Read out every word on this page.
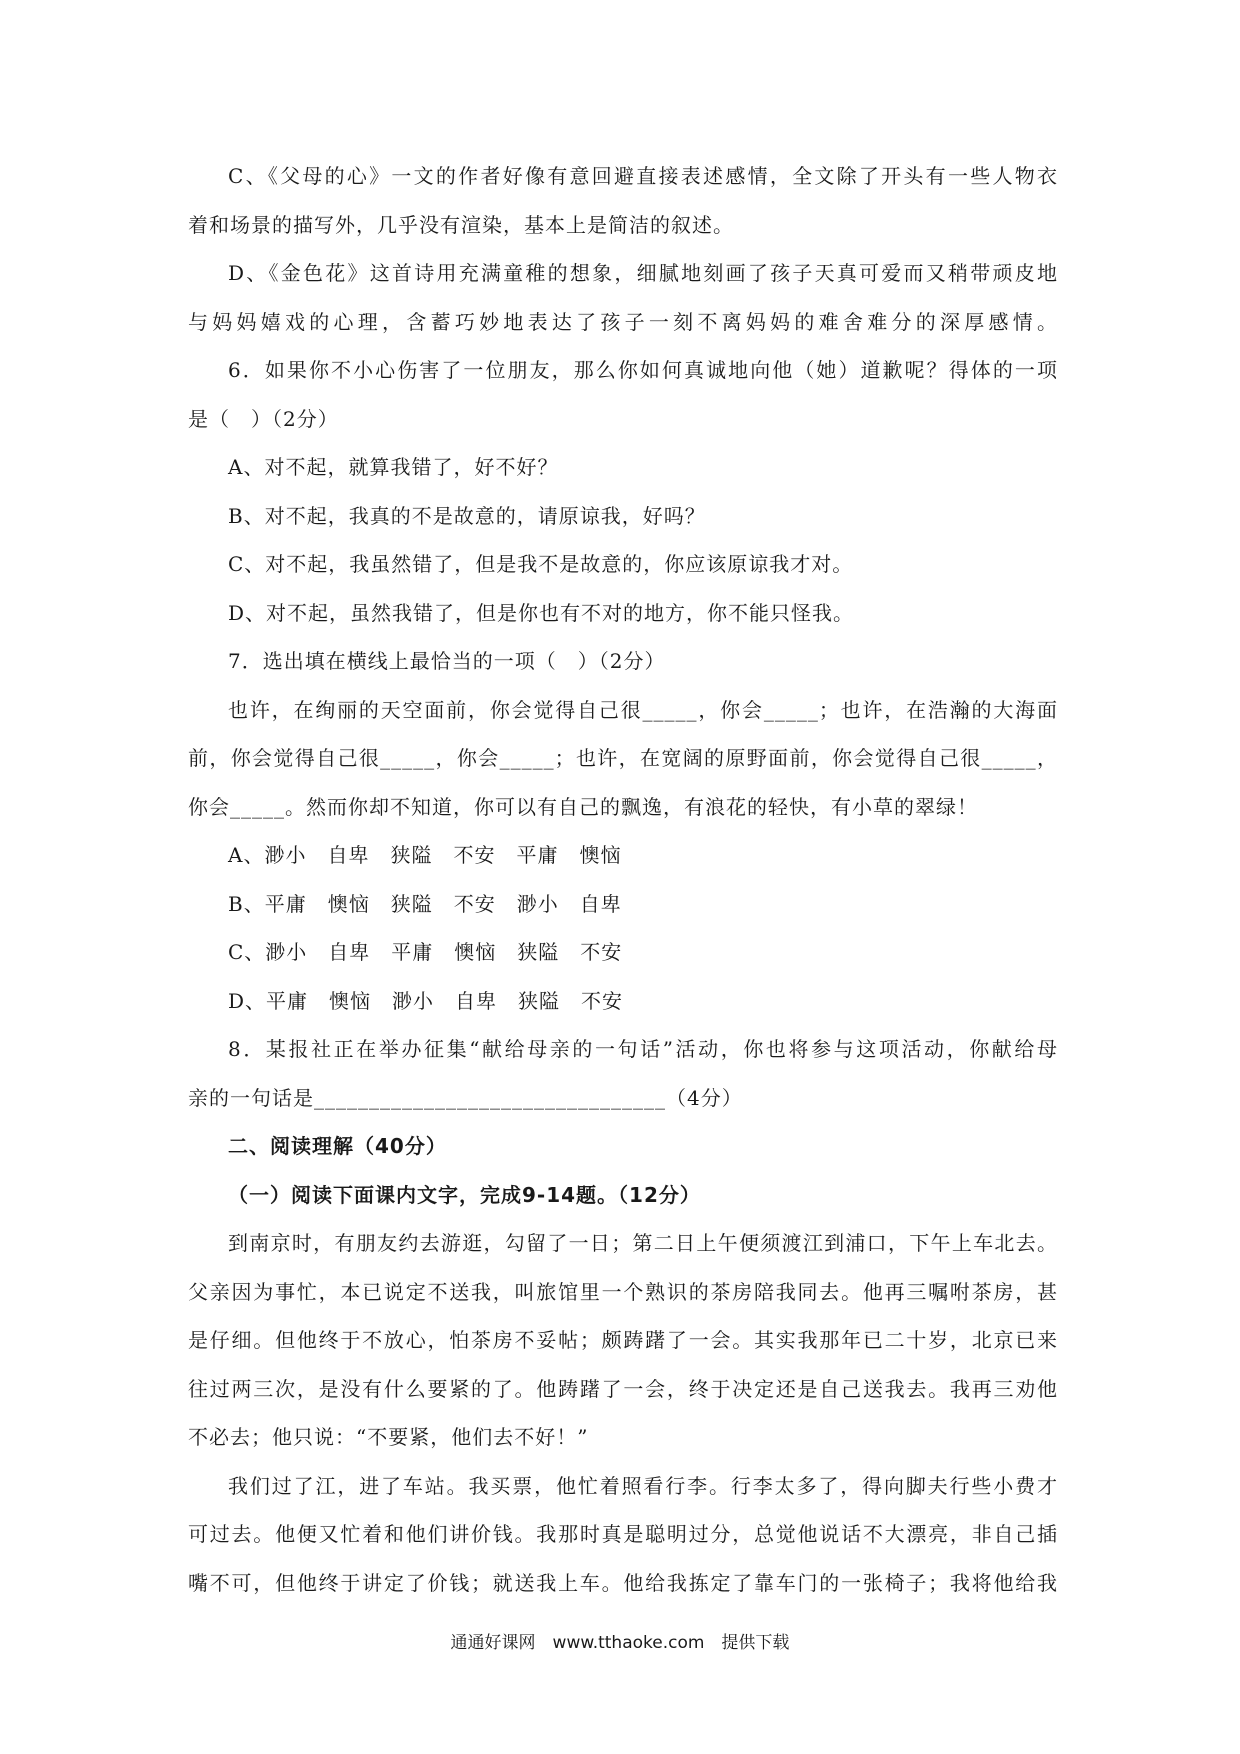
C、《父母的心》一文的作者好像有意回避直接表述感情，全文除了开头有一些人物衣
着和场景的描写外，几乎没有渲染，基本上是简洁的叙述。
D、《金色花》这首诗用充满童稚的想象，细腻地刻画了孩子天真可爱而又稍带顽皮地
与妈妈嬉戏的心理，含蓄巧妙地表达了孩子一刻不离妈妈的难舍难分的深厚感情。
6．如果你不小心伤害了一位朋友，那么你如何真诚地向他（她）道歉呢？得体的一项
是（　）（2分）
A、对不起，就算我错了，好不好？
B、对不起，我真的不是故意的，请原谅我，好吗？
C、对不起，我虽然错了，但是我不是故意的，你应该原谅我才对。
D、对不起，虽然我错了，但是你也有不对的地方，你不能只怪我。
7．选出填在横线上最恰当的一项（　）（2分）
也许，在绚丽的天空面前，你会觉得自己很_____，你会_____；也许，在浩瀚的大海面
前，你会觉得自己很_____，你会_____；也许，在宽阔的原野面前，你会觉得自己很_____，
你会_____。然而你却不知道，你可以有自己的飘逸，有浪花的轻快，有小草的翠绿！
A、渺小　自卑　狭隘　不安　平庸　懊恼
B、平庸　懊恼　狭隘　不安　渺小　自卑
C、渺小　自卑　平庸　懊恼　狭隘　不安
D、平庸　懊恼　渺小　自卑　狭隘　不安
8．某报社正在举办征集“献给母亲的一句话”活动，你也将参与这项活动，你献给母
亲的一句话是________________________________（4分）
二、阅读理解（40分）
（一）阅读下面课内文字，完成9-14题。（12分）
到南京时，有朋友约去游逛，勾留了一日；第二日上午便须渡江到浦口，下午上车北去。
父亲因为事忙，本已说定不送我，叫旅馆里一个熟识的茶房陪我同去。他再三嘱咐茶房，甚
是仔细。但他终于不放心，怕茶房不妥帖；颇踌躇了一会。其实我那年已二十岁，北京已来
往过两三次，是没有什么要紧的了。他踌躇了一会，终于决定还是自己送我去。我再三劝他
不必去；他只说：“不要紧，他们去不好！”
我们过了江，进了车站。我买票，他忙着照看行李。行李太多了，得向脚夫行些小费才
可过去。他便又忙着和他们讲价钱。我那时真是聪明过分，总觉他说话不大漂亮，非自己插
嘴不可，但他终于讲定了价钱；就送我上车。他给我拣定了靠车门的一张椅子；我将他给我
通通好课网　www.tthaoke.com　提供下载
